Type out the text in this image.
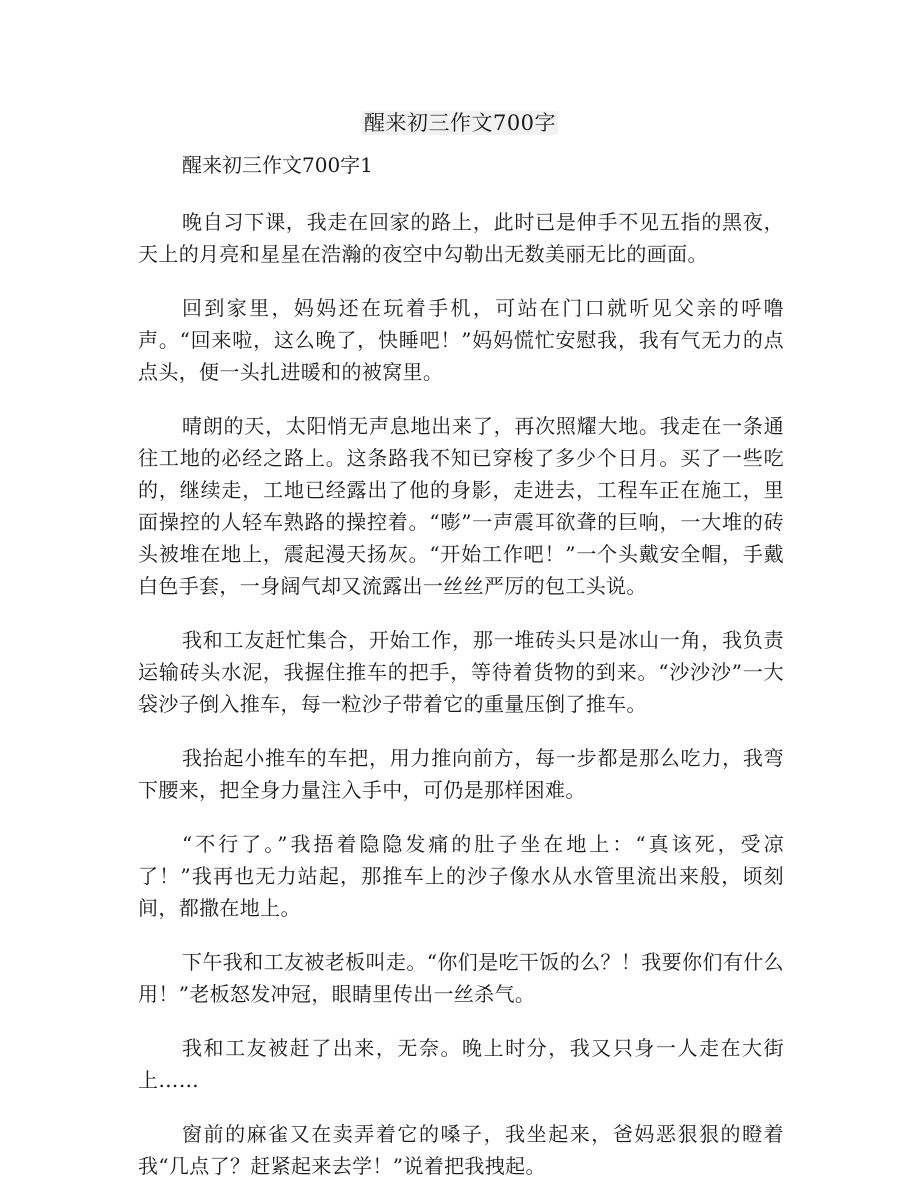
醒来初三作文700字

醒来初三作文700字1

晚自习下课，我走在回家的路上，此时已是伸手不见五指的黑夜，天上的月亮和星星在浩瀚的夜空中勾勒出无数美丽无比的画面。

回到家里，妈妈还在玩着手机，可站在门口就听见父亲的呼噜声。“回来啦，这么晚了，快睡吧！”妈妈慌忙安慰我，我有气无力的点点头，便一头扎进暖和的被窝里。

晴朗的天，太阳悄无声息地出来了，再次照耀大地。我走在一条通往工地的必经之路上。这条路我不知已穿梭了多少个日月。买了一些吃的，继续走，工地已经露出了他的身影，走进去，工程车正在施工，里面操控的人轻车熟路的操控着。“嘭”一声震耳欲聋的巨响，一大堆的砖头被堆在地上，震起漫天扬灰。“开始工作吧！”一个头戴安全帽，手戴白色手套，一身阔气却又流露出一丝丝严厉的包工头说。

我和工友赶忙集合，开始工作，那一堆砖头只是冰山一角，我负责运输砖头水泥，我握住推车的把手，等待着货物的到来。“沙沙沙”一大袋沙子倒入推车，每一粒沙子带着它的重量压倒了推车。

我抬起小推车的车把，用力推向前方，每一步都是那么吃力，我弯下腰来，把全身力量注入手中，可仍是那样困难。

“不行了。”我捂着隐隐发痛的肚子坐在地上：“真该死，受凉了！”我再也无力站起，那推车上的沙子像水从水管里流出来般，顷刻间，都撒在地上。

下午我和工友被老板叫走。“你们是吃干饭的么？！我要你们有什么用！”老板怒发冲冠，眼睛里传出一丝杀气。

我和工友被赶了出来，无奈。晚上时分，我又只身一人走在大街上……

窗前的麻雀又在卖弄着它的嗓子，我坐起来，爸妈恶狠狠的瞪着我“几点了？赶紧起来去学！”说着把我拽起。
